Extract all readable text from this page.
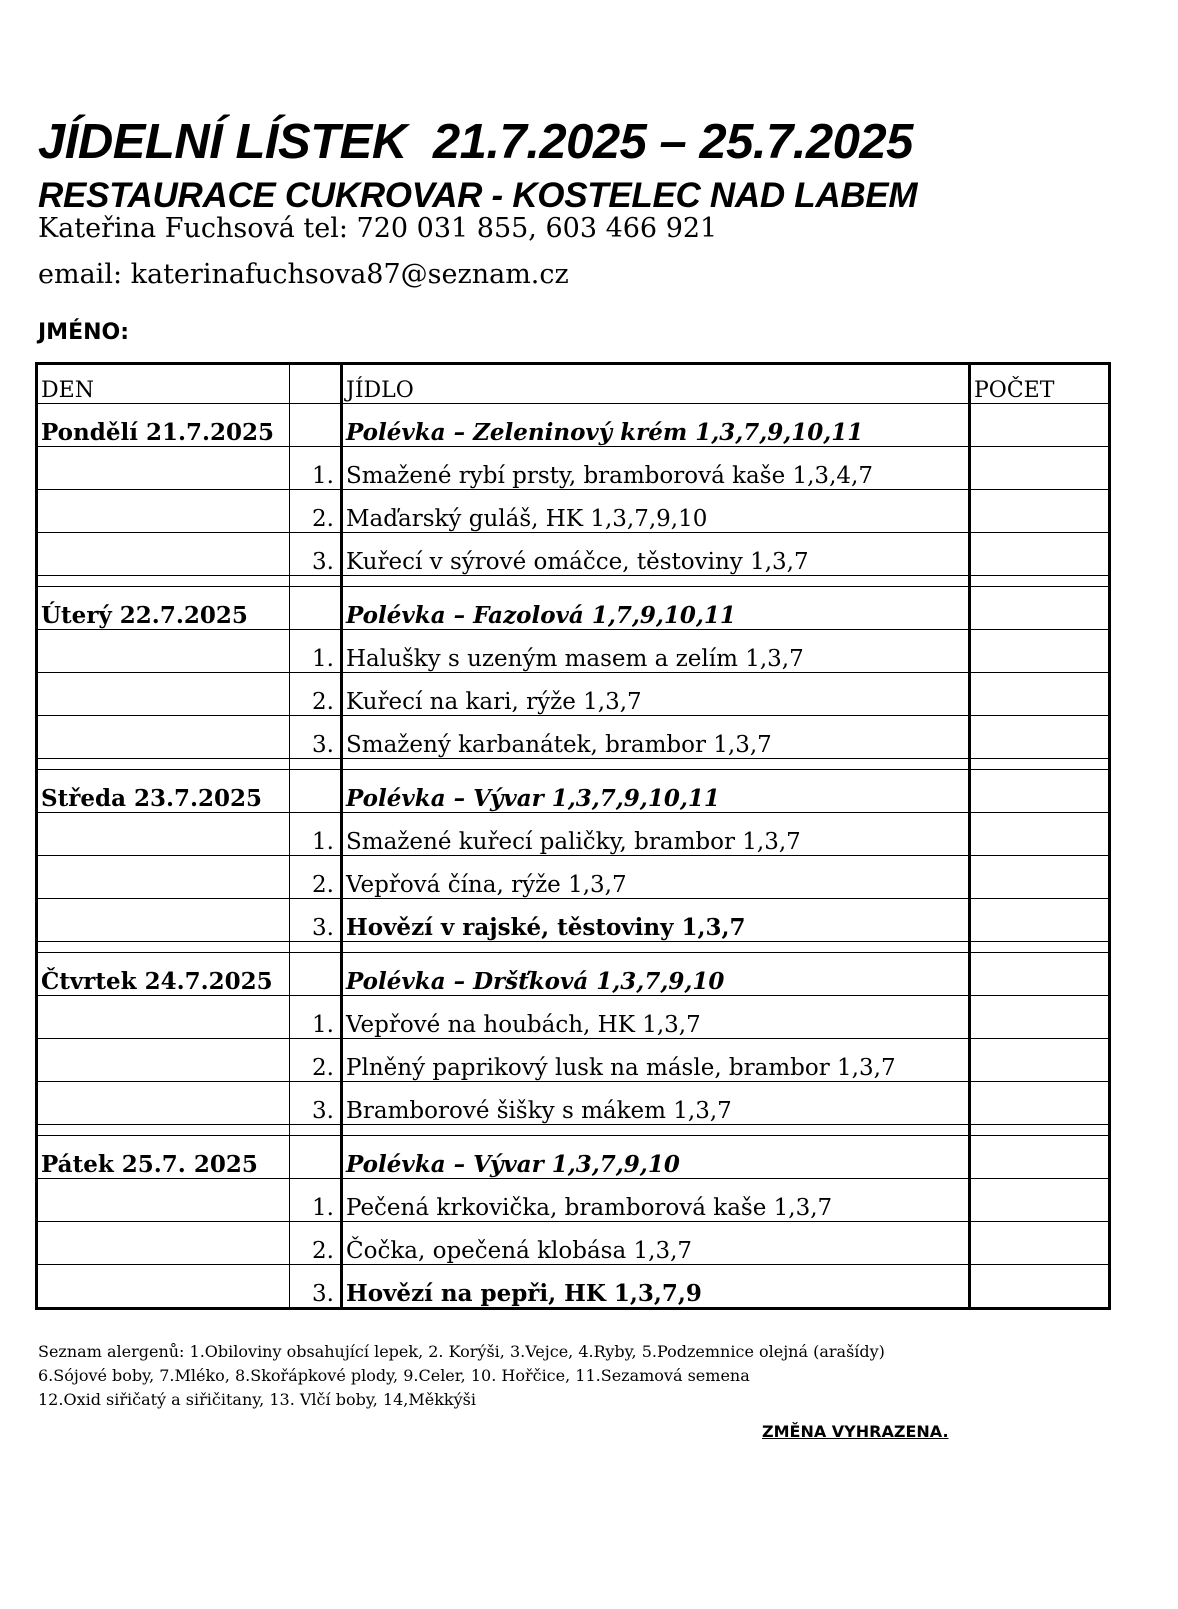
JÍDELNÍ LÍSTEK  21.7.2025 – 25.7.2025
RESTAURACE CUKROVAR - KOSTELEC NAD LABEM
Kateřina Fuchsová tel: 720 031 855, 603 466 921
email: katerinafuchsova87@seznam.cz
JMÉNO:
DEN		JÍDLO	POČET
Pondělí 21.7.2025		Polévka – Zeleninový krém 1,3,7,9,10,11	
	1.	Smažené rybí prsty, bramborová kaše 1,3,4,7	
	2.	Maďarský guláš, HK 1,3,7,9,10	
	3.	Kuřecí v sýrové omáčce, těstoviny 1,3,7	

Úterý 22.7.2025		Polévka – Fazolová 1,7,9,10,11	
	1.	Halušky s uzeným masem a zelím 1,3,7	
	2.	Kuřecí na kari, rýže 1,3,7	
	3.	Smažený karbanátek, brambor 1,3,7	

Středa 23.7.2025		Polévka – Vývar 1,3,7,9,10,11	
	1.	Smažené kuřecí paličky, brambor 1,3,7	
	2.	Vepřová čína, rýže 1,3,7	
	3.	Hovězí v rajské, těstoviny 1,3,7	

Čtvrtek 24.7.2025		Polévka – Dršťková 1,3,7,9,10	
	1.	Vepřové na houbách, HK 1,3,7	
	2.	Plněný paprikový lusk na másle, brambor 1,3,7	
	3.	Bramborové šišky s mákem 1,3,7	

Pátek 25.7. 2025		Polévka – Vývar 1,3,7,9,10	
	1.	Pečená krkovička, bramborová kaše 1,3,7	
	2.	Čočka, opečená klobása 1,3,7	
	3.	Hovězí na pepři, HK 1,3,7,9	
Seznam alergenů: 1.Obiloviny obsahující lepek, 2. Korýši, 3.Vejce, 4.Ryby, 5.Podzemnice olejná (arašídy)
6.Sójové boby, 7.Mléko, 8.Skořápkové plody, 9.Celer, 10. Hořčice, 11.Sezamová semena
12.Oxid siřičatý a siřičitany, 13. Vlčí boby, 14,Měkkýši
ZMĚNA VYHRAZENA.
